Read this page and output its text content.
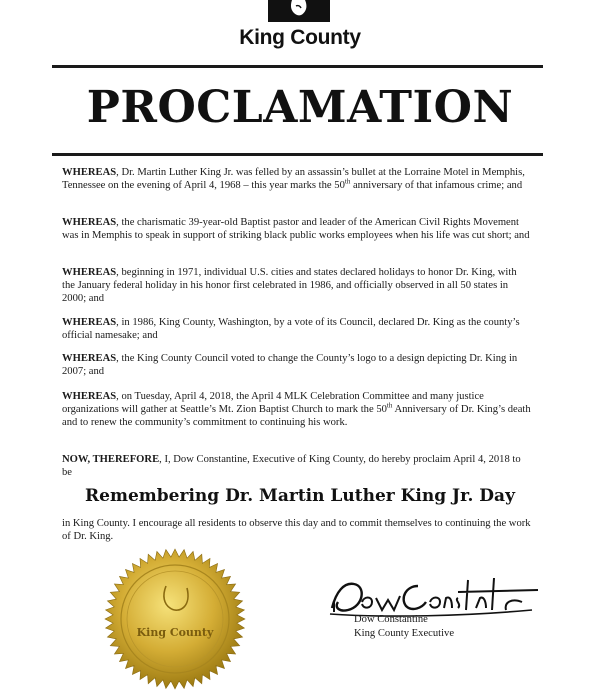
King County
PROCLAMATION
WHEREAS, Dr. Martin Luther King Jr. was felled by an assassin’s bullet at the Lorraine Motel in Memphis, Tennessee on the evening of April 4, 1968 – this year marks the 50th anniversary of that infamous crime; and
WHEREAS, the charismatic 39-year-old Baptist pastor and leader of the American Civil Rights Movement was in Memphis to speak in support of striking black public works employees when his life was cut short; and
WHEREAS, beginning in 1971, individual U.S. cities and states declared holidays to honor Dr. King, with the January federal holiday in his honor first celebrated in 1986, and officially observed in all 50 states in 2000; and
WHEREAS, in 1986, King County, Washington, by a vote of its Council, declared Dr. King as the county’s official namesake; and
WHEREAS, the King County Council voted to change the County’s logo to a design depicting Dr. King in 2007; and
WHEREAS, on Tuesday, April 4, 2018, the April 4 MLK Celebration Committee and many justice organizations will gather at Seattle’s Mt. Zion Baptist Church to mark the 50th Anniversary of Dr. King’s death and to renew the community’s commitment to continuing his work.
NOW, THEREFORE, I, Dow Constantine, Executive of King County, do hereby proclaim April 4, 2018 to be
Remembering Dr. Martin Luther King Jr. Day
in King County. I encourage all residents to observe this day and to commit themselves to continuing the work of Dr. King.
King County
Dow Constantine
King County Executive
